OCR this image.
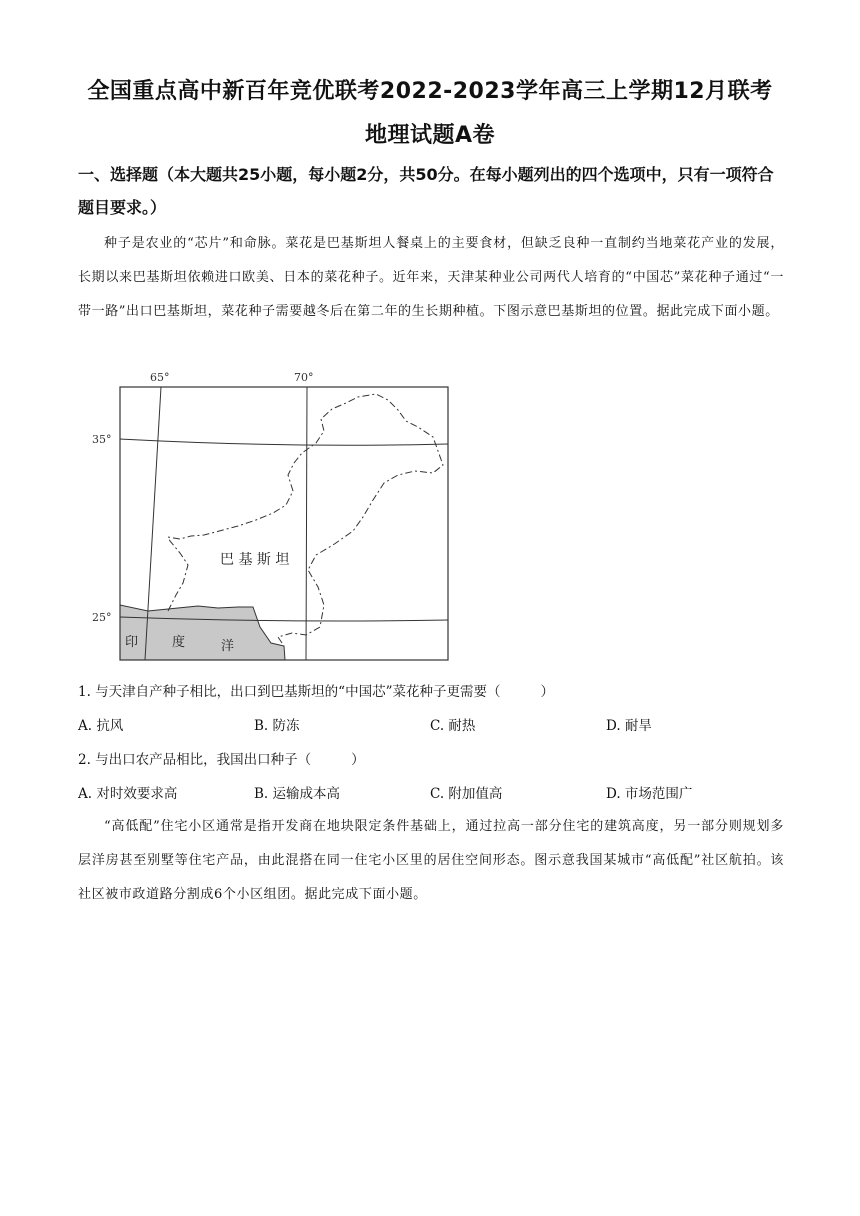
全国重点高中新百年竞优联考2022-2023学年高三上学期12月联考
地理试题A卷
一、选择题（本大题共25小题，每小题2分，共50分。在每小题列出的四个选项中，只有一项符合题目要求。）
种子是农业的“芯片”和命脉。菜花是巴基斯坦人餐桌上的主要食材，但缺乏良种一直制约当地菜花产业的发展，长期以来巴基斯坦依赖进口欧美、日本的菜花种子。近年来，天津某种业公司两代人培育的“中国芯”菜花种子通过“一带一路”出口巴基斯坦，菜花种子需要越冬后在第二年的生长期种植。下图示意巴基斯坦的位置。据此完成下面小题。
65°	70°
35°
25°
巴 基 斯 坦
印	度	洋
1. 与天津自产种子相比，出口到巴基斯坦的“中国芯”菜花种子更需要（	）
A. 抗风	B. 防冻	C. 耐热	D. 耐旱
2. 与出口农产品相比，我国出口种子（	）
A. 对时效要求高	B. 运输成本高	C. 附加值高	D. 市场范围广
“高低配”住宅小区通常是指开发商在地块限定条件基础上，通过拉高一部分住宅的建筑高度，另一部分则规划多层洋房甚至别墅等住宅产品，由此混搭在同一住宅小区里的居住空间形态。图示意我国某城市“高低配”社区航拍。该社区被市政道路分割成6个小区组团。据此完成下面小题。
